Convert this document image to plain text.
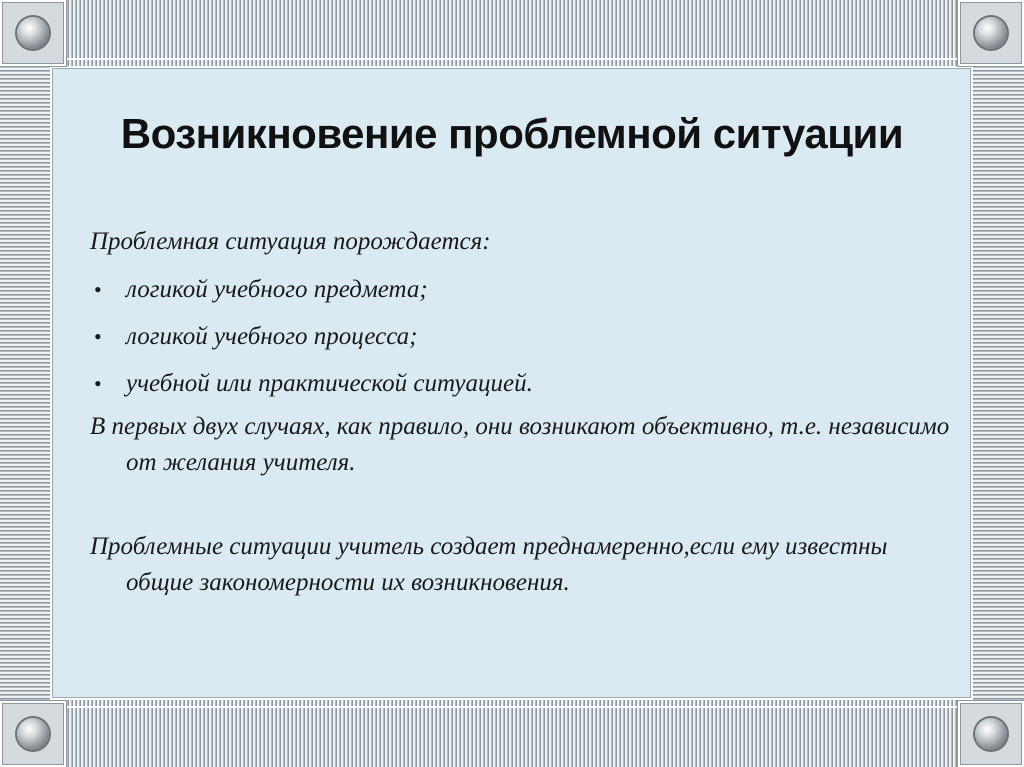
Возникновение проблемной ситуации

Проблемная ситуация порождается:

• логикой учебного предмета;
• логикой учебного процесса;
• учебной или практической ситуацией.

В первых двух случаях, как правило, они возникают объективно, т.е. независимо от желания учителя.

Проблемные ситуации учитель создает преднамеренно,если ему известны общие закономерности их возникновения.
